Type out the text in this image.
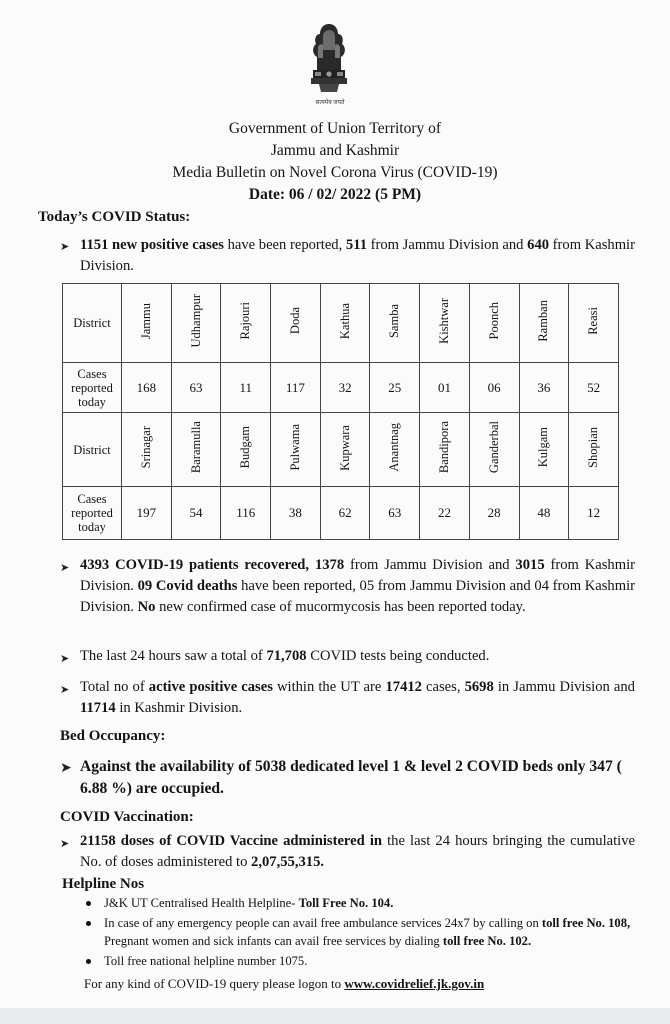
सत्यमेव जयते
Government of Union Territory of
Jammu and Kashmir
Media Bulletin on Novel Corona Virus (COVID-19)
Date: 06 / 02/ 2022 (5 PM)
Today’s COVID Status:
➤ 1151 new positive cases have been reported, 511 from Jammu Division and 640 from Kashmir Division.
District	Jammu	Udhampur	Rajouri	Doda	Kathua	Samba	Kishtwar	Poonch	Ramban	Reasi
Cases reported today	168	63	11	117	32	25	01	06	36	52
District	Srinagar	Baramulla	Budgam	Pulwama	Kupwara	Anantnag	Bandipora	Ganderbal	Kulgam	Shopian
Cases reported today	197	54	116	38	62	63	22	28	48	12
➤ 4393 COVID-19 patients recovered, 1378 from Jammu Division and 3015 from Kashmir Division. 09 Covid deaths have been reported, 05 from Jammu Division and 04 from Kashmir Division. No new confirmed case of mucormycosis has been reported today.
➤ The last 24 hours saw a total of 71,708 COVID tests being conducted.
➤ Total no of active positive cases within the UT are 17412 cases, 5698 in Jammu Division and 11714 in Kashmir Division.
Bed Occupancy:
➤ Against the availability of 5038 dedicated level 1 & level 2 COVID beds only 347 ( 6.88 %) are occupied.
COVID Vaccination:
➤ 21158 doses of COVID Vaccine administered in the last 24 hours bringing the cumulative No. of doses administered to 2,07,55,315.
Helpline Nos
J&K UT Centralised Health Helpline- Toll Free No. 104.
In case of any emergency people can avail free ambulance services 24x7 by calling on toll free No. 108, Pregnant women and sick infants can avail free services by dialing toll free No. 102.
Toll free national helpline number 1075.
For any kind of COVID-19 query please logon to www.covidrelief.jk.gov.in
